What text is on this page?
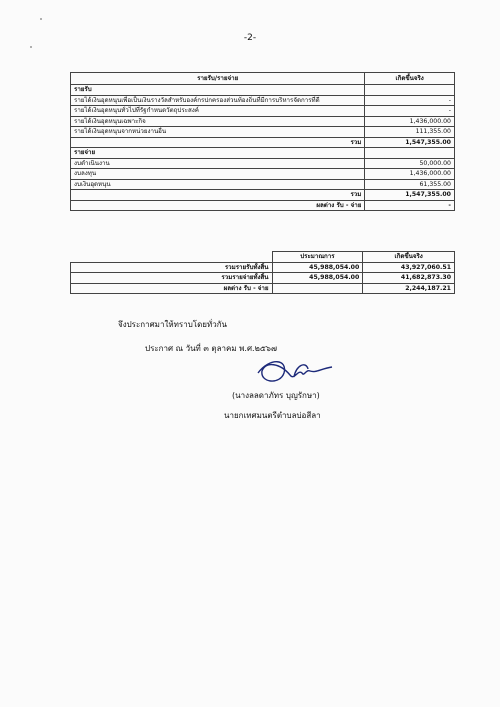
-2-
รายรับ/รายจ่าย	เกิดขึ้นจริง
รายรับ	
รายได้เงินอุดหนุนเพื่อเป็นเงินรางวัลสำหรับองค์กรปกครองส่วนท้องถิ่นที่มีการบริหารจัดการที่ดี	-
รายได้เงินอุดหนุนทั่วไปที่รัฐกำหนดวัตถุประสงค์	-
รายได้เงินอุดหนุนเฉพาะกิจ	1,436,000.00
รายได้เงินอุดหนุนจากหน่วยงานอื่น	111,355.00
รวม	1,547,355.00
รายจ่าย	
งบดำเนินงาน	50,000.00
งบลงทุน	1,436,000.00
งบเงินอุดหนุน	61,355.00
รวม	1,547,355.00
ผลต่าง รับ - จ่าย	-
	ประมาณการ	เกิดขึ้นจริง
รวมรายรับทั้งสิ้น	45,988,054.00	43,927,060.51
รวมรายจ่ายทั้งสิ้น	45,988,054.00	41,682,873.30
ผลต่าง รับ - จ่าย		2,244,187.21
จึงประกาศมาให้ทราบโดยทั่วกัน
ประกาศ ณ วันที่ ๓ ตุลาคม พ.ศ.๒๕๖๗
(นางลลดาภัทร บุญรักษา)
นายกเทศมนตรีตำบลบ่อสีลา
